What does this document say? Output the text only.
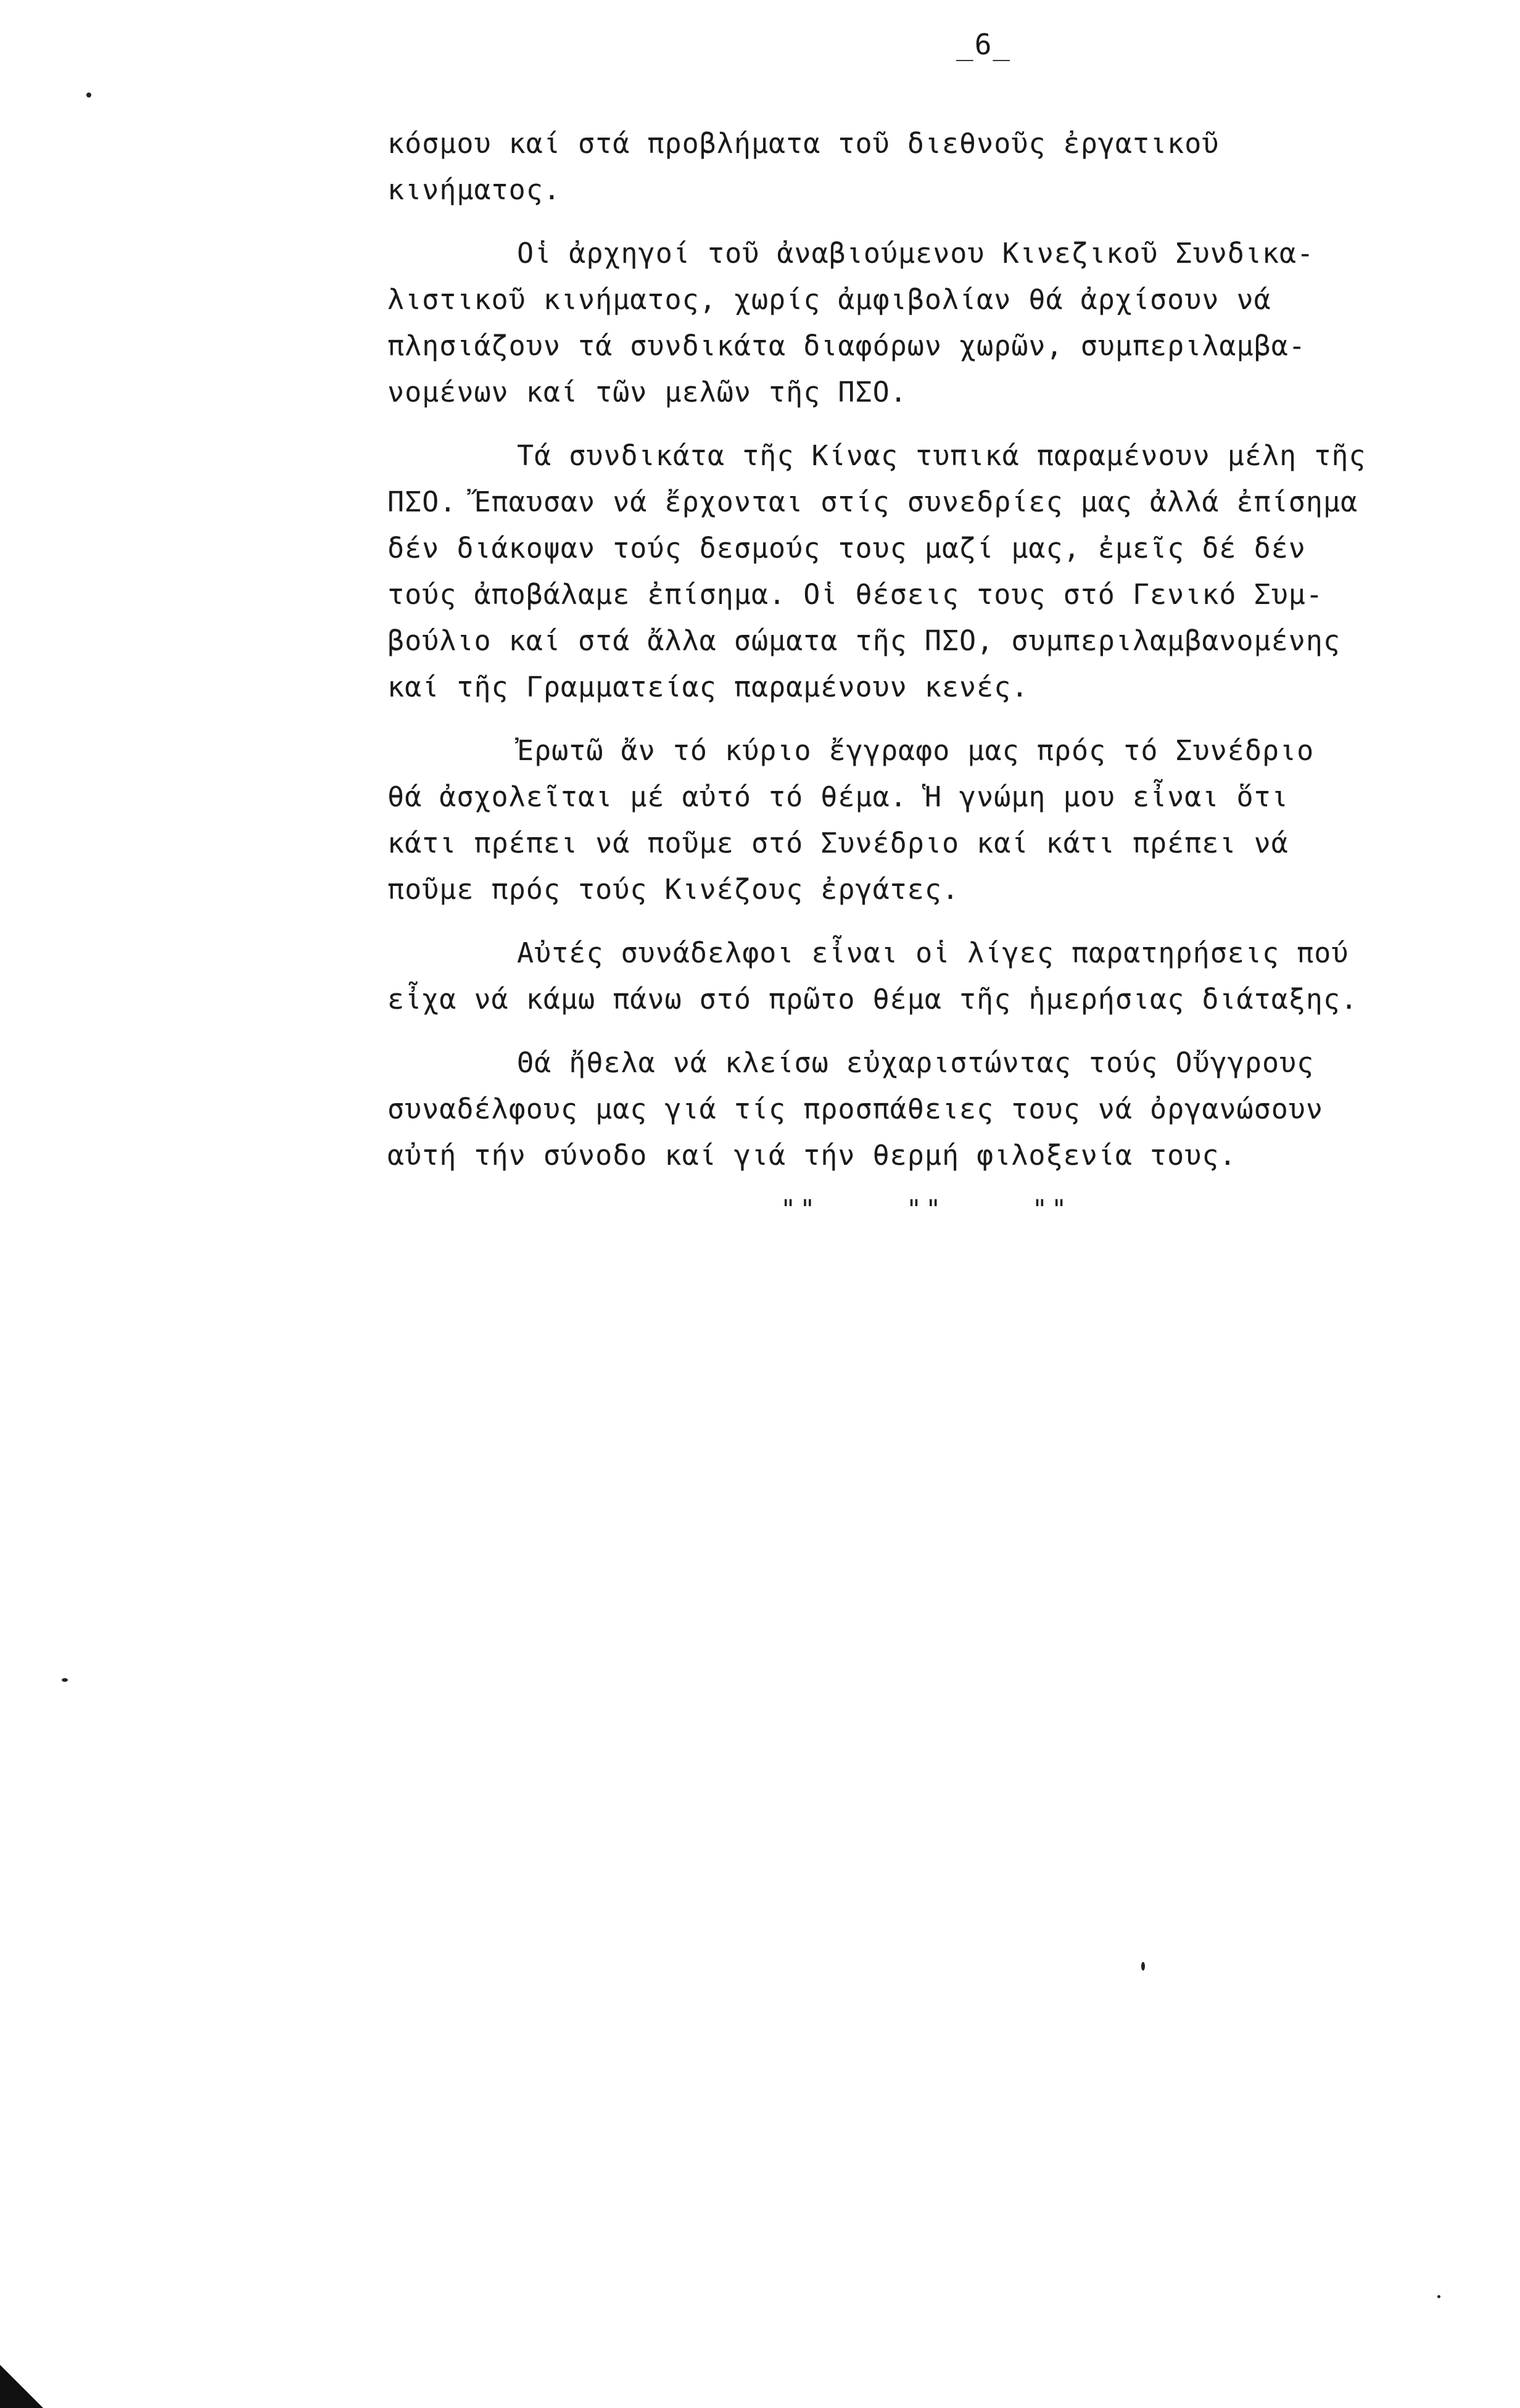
_6_

κόσμου καί στά προβλήματα τοῦ διεθνοῦς ἐργατικοῦ
κινήματος.

Οἱ ἀρχηγοί τοῦ ἀναβιούμενου Κινεζικοῦ Συνδικα-
λιστικοῦ κινήματος, χωρίς ἀμφιβολίαν θά ἀρχίσουν νά
πλησιάζουν τά συνδικάτα διαφόρων χωρῶν, συμπεριλαμβα-
νομένων καί τῶν μελῶν τῆς ΠΣΟ.

Τά συνδικάτα τῆς Κίνας τυπικά παραμένουν μέλη τῆς
ΠΣΟ. Ἔπαυσαν νά ἔρχονται στίς συνεδρίες μας ἀλλά ἐπίσημα
δέν διάκοψαν τούς δεσμούς τους μαζί μας, ἐμεῖς δέ δέν
τούς ἀποβάλαμε ἐπίσημα. Οἱ θέσεις τους στό Γενικό Συμ-
βούλιο καί στά ἄλλα σώματα τῆς ΠΣΟ, συμπεριλαμβανομένης
καί τῆς Γραμματείας παραμένουν κενές.

Ἐρωτῶ ἄν τό κύριο ἔγγραφο μας πρός τό Συνέδριο
θά ἀσχολεῖται μέ αὐτό τό θέμα. Ἡ γνώμη μου εἶναι ὅτι
κάτι πρέπει νά ποῦμε στό Συνέδριο καί κάτι πρέπει νά
ποῦμε πρός τούς Κινέζους ἐργάτες.

Αὐτές συνάδελφοι εἶναι οἱ λίγες παρατηρήσεις πού
εἶχα νά κάμω πάνω στό πρῶτο θέμα τῆς ἡμερήσιας διάταξης.

Θά ἤθελα νά κλείσω εὐχαριστώντας τούς Οὔγγρους
συναδέλφους μας γιά τίς προσπάθειες τους νά ὀργανώσουν
αὐτή τήν σύνοδο καί γιά τήν θερμή φιλοξενία τους.

""	""	""
